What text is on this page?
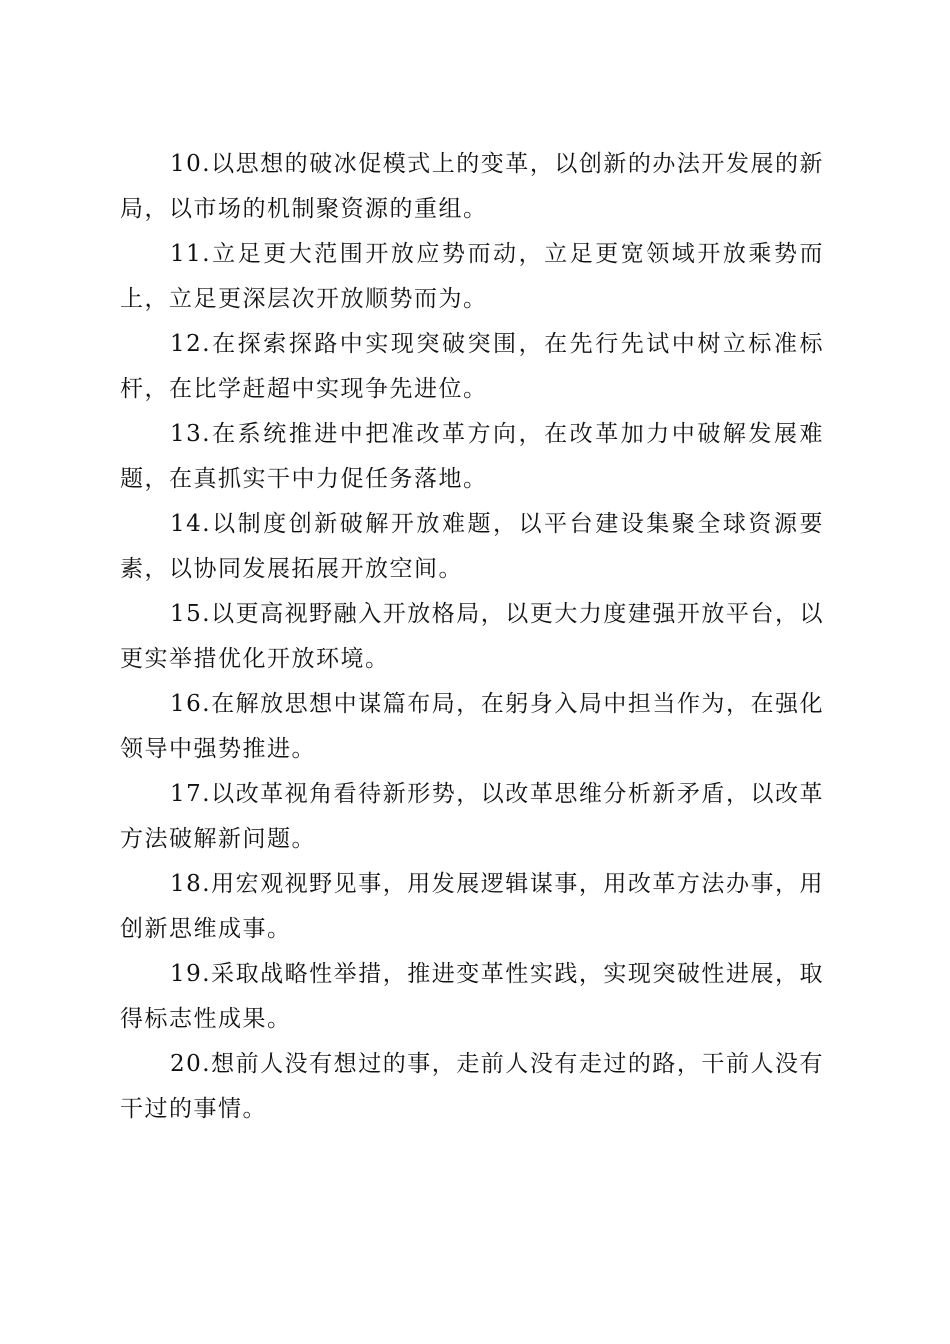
10.以思想的破冰促模式上的变革，以创新的办法开发展的新局，以市场的机制聚资源的重组。

11.立足更大范围开放应势而动，立足更宽领域开放乘势而上，立足更深层次开放顺势而为。

12.在探索探路中实现突破突围，在先行先试中树立标准标杆，在比学赶超中实现争先进位。

13.在系统推进中把准改革方向，在改革加力中破解发展难题，在真抓实干中力促任务落地。

14.以制度创新破解开放难题，以平台建设集聚全球资源要素，以协同发展拓展开放空间。

15.以更高视野融入开放格局，以更大力度建强开放平台，以更实举措优化开放环境。

16.在解放思想中谋篇布局，在躬身入局中担当作为，在强化领导中强势推进。

17.以改革视角看待新形势，以改革思维分析新矛盾，以改革方法破解新问题。

18.用宏观视野见事，用发展逻辑谋事，用改革方法办事，用创新思维成事。

19.采取战略性举措，推进变革性实践，实现突破性进展，取得标志性成果。

20.想前人没有想过的事，走前人没有走过的路，干前人没有干过的事情。
